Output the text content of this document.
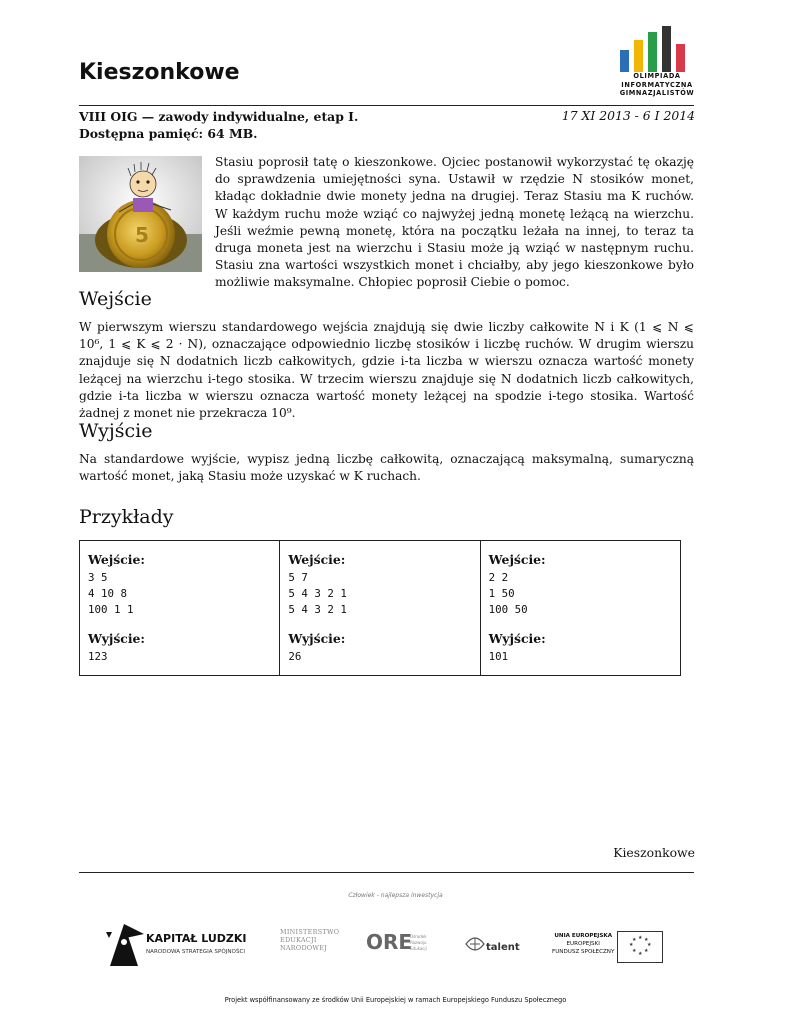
Kieszonkowe	OLIMPIADA
INFORMATYCZNA
GIMNAZJALISTÓW
VIII OIG — zawody indywidualne, etap I.
Dostępna pamięć: 64 MB.
17 XI 2013 - 6 I 2014
5

Stasiu poprosił tatę o kieszonkowe. Ojciec postanowił wykorzystać tę okazję do sprawdzenia umiejętności syna. Ustawił w rzędzie N stosików monet, kładąc dokładnie dwie monety jedna na drugiej. Teraz Stasiu ma K ruchów. W każdym ruchu może wziąć co najwyżej jedną monetę leżącą na wierzchu. Jeśli weźmie pewną monetę, która na początku leżała na innej, to teraz ta druga moneta jest na wierzchu i Stasiu może ją wziąć w następnym ruchu. Stasiu zna wartości wszystkich monet i chciałby, aby jego kieszonkowe było możliwie maksymalne. Chłopiec poprosił Ciebie o pomoc.

Wejście

W pierwszym wierszu standardowego wejścia znajdują się dwie liczby całkowite N i K (1 ⩽ N ⩽ 10⁶, 1 ⩽ K ⩽ 2 · N), oznaczające odpowiednio liczbę stosików i liczbę ruchów. W drugim wierszu znajduje się N dodatnich liczb całkowitych, gdzie i-ta liczba w wierszu oznacza wartość monety leżącej na wierzchu i-tego stosika. W trzecim wierszu znajduje się N dodatnich liczb całkowitych, gdzie i-ta liczba w wierszu oznacza wartość monety leżącej na spodzie i-tego stosika. Wartość żadnej z monet nie przekracza 10⁹.

Wyjście

Na standardowe wyjście, wypisz jedną liczbę całkowitą, oznaczającą maksymalną, sumaryczną wartość monet, jaką Stasiu może uzyskać w K ruchach.

Przykłady

Wejście:

3 5
4 10 8
100 1 1

Wyjście:

123

Wejście:

5 7
5 4 3 2 1
5 4 3 2 1

Wyjście:

26

Wejście:

2 2
1 50
100 50

Wyjście:

101
Kieszonkowe
Człowiek - najlepsza inwestycja
KAPITAŁ LUDZKI
NARODOWA STRATEGIA SPÓJNOŚCI
MINISTERSTWO
EDUKACJI
NARODOWEJ	ORE
Ośrodek
Rozwoju
Edukacji	talent
UNIA EUROPEJSKA
EUROPEJSKI
FUNDUSZ SPOŁECZNY
★ ★
★
★
★
★
★
★
Projekt współfinansowany ze środków Unii Europejskiej w ramach Europejskiego Funduszu Społecznego
